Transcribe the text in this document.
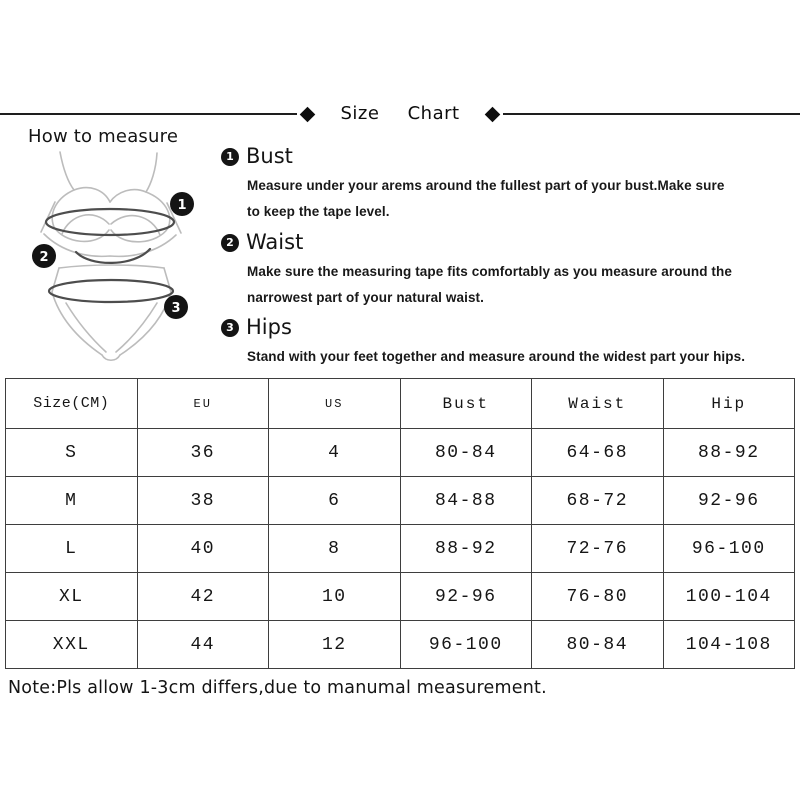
Size Chart
How to measure
1
2
3
1 Bust
Measure under your arems around the fullest part of your bust.Make sure
to keep the tape level.
2 Waist
Make sure the measuring tape fits comfortably as you measure around the
narrowest part of your natural waist.
3 Hips
Stand with your feet together and measure around the widest part your hips.
Size(CM)	EU	US	Bust	Waist	Hip
S	36	4	80-84	64-68	88-92
M	38	6	84-88	68-72	92-96
L	40	8	88-92	72-76	96-100
XL	42	10	92-96	76-80	100-104
XXL	44	12	96-100	80-84	104-108

Note:Pls allow 1-3cm differs,due to manumal measurement.
